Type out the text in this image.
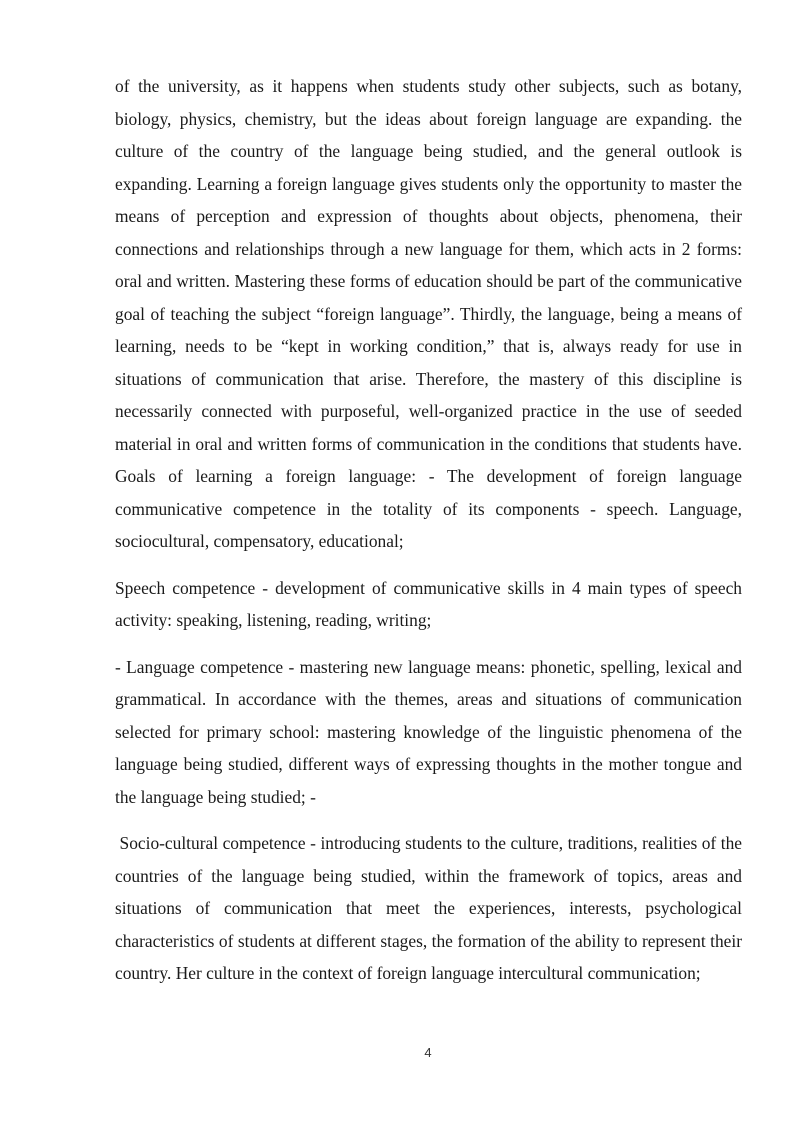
of the university, as it happens when students study other subjects, such as botany, biology, physics, chemistry, but the ideas about foreign language are expanding. the culture of the country of the language being studied, and the general outlook is expanding. Learning a foreign language gives students only the opportunity to master the means of perception and expression of thoughts about objects, phenomena, their connections and relationships through a new language for them, which acts in 2 forms: oral and written. Mastering these forms of education should be part of the communicative goal of teaching the subject “foreign language”. Thirdly, the language, being a means of learning, needs to be “kept in working condition,” that is, always ready for use in situations of communication that arise. Therefore, the mastery of this discipline is necessarily connected with purposeful, well-organized practice in the use of seeded material in oral and written forms of communication in the conditions that students have. Goals of learning a foreign language: - The development of foreign language communicative competence in the totality of its components - speech. Language, sociocultural, compensatory, educational;

Speech competence - development of communicative skills in 4 main types of speech activity: speaking, listening, reading, writing;

- Language competence - mastering new language means: phonetic, spelling, lexical and grammatical. In accordance with the themes, areas and situations of communication selected for primary school: mastering knowledge of the linguistic phenomena of the language being studied, different ways of expressing thoughts in the mother tongue and the language being studied; -

Socio-cultural competence - introducing students to the culture, traditions, realities of the countries of the language being studied, within the framework of topics, areas and situations of communication that meet the experiences, interests, psychological characteristics of students at different stages, the formation of the ability to represent their country. Her culture in the context of foreign language intercultural communication;

4
